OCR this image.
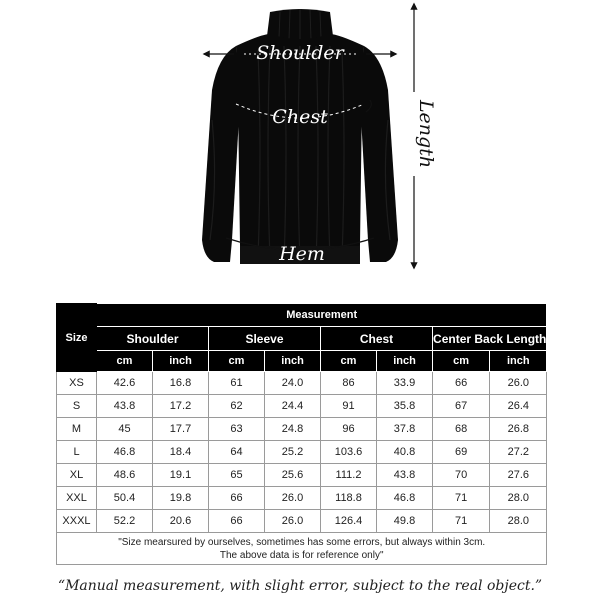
Shoulder
Chest
Hem
Length
Size	Measurement							
	Shoulder		Sleeve		Chest		Center Back Length	
	cm	inch	cm	inch	cm	inch	cm	inch
XS	42.6	16.8	61	24.0	86	33.9	66	26.0
S	43.8	17.2	62	24.4	91	35.8	67	26.4
M	45	17.7	63	24.8	96	37.8	68	26.8
L	46.8	18.4	64	25.2	103.6	40.8	69	27.2
XL	48.6	19.1	65	25.6	111.2	43.8	70	27.6
XXL	50.4	19.8	66	26.0	118.8	46.8	71	28.0
XXXL	52.2	20.6	66	26.0	126.4	49.8	71	28.0
"Size mearsured by ourselves, sometimes has some errors, but always within 3cm.
The above data is for reference only"								
“Manual measurement, with slight error, subject to the real object.”
